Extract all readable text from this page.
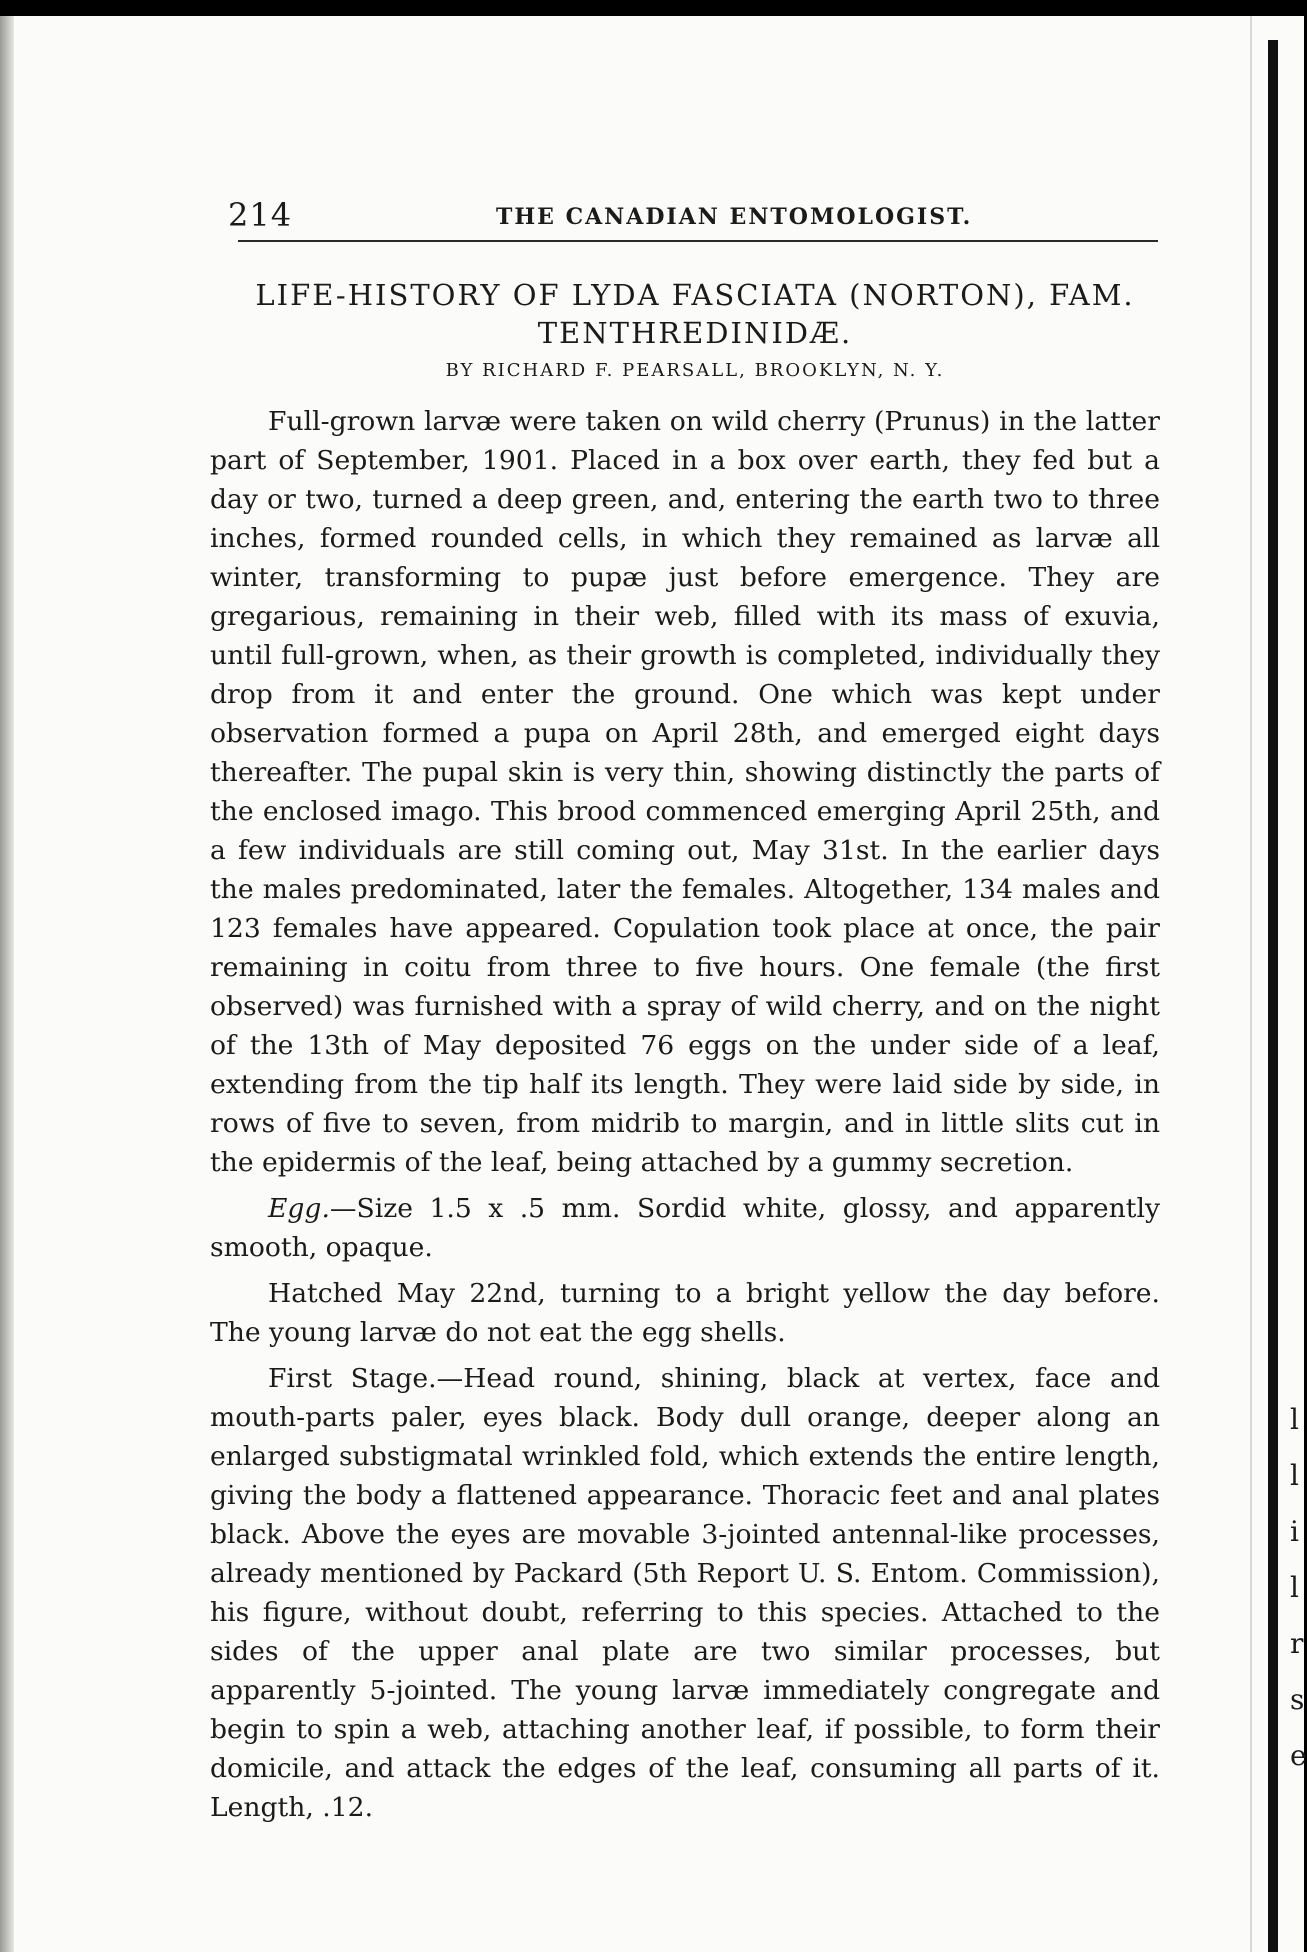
214	THE CANADIAN ENTOMOLOGIST.
LIFE-HISTORY OF LYDA FASCIATA (NORTON), FAM.
TENTHREDINIDÆ.
BY RICHARD F. PEARSALL, BROOKLYN, N. Y.

Full-grown larvæ were taken on wild cherry (Prunus) in the latter part of September, 1901. Placed in a box over earth, they fed but a day or two, turned a deep green, and, entering the earth two to three inches, formed rounded cells, in which they remained as larvæ all winter, transforming to pupæ just before emergence. They are gregarious, remaining in their web, filled with its mass of exuvia, until full-grown, when, as their growth is completed, individually they drop from it and enter the ground. One which was kept under observation formed a pupa on April 28th, and emerged eight days thereafter. The pupal skin is very thin, showing distinctly the parts of the enclosed imago. This brood commenced emerging April 25th, and a few individuals are still coming out, May 31st. In the earlier days the males predominated, later the females. Altogether, 134 males and 123 females have appeared. Copulation took place at once, the pair remaining in coitu from three to five hours. One female (the first observed) was furnished with a spray of wild cherry, and on the night of the 13th of May deposited 76 eggs on the under side of a leaf, extending from the tip half its length. They were laid side by side, in rows of five to seven, from midrib to margin, and in little slits cut in the epidermis of the leaf, being attached by a gummy secretion.

Egg.—Size 1.5 x .5 mm. Sordid white, glossy, and apparently smooth, opaque.

Hatched May 22nd, turning to a bright yellow the day before. The young larvæ do not eat the egg shells.

First Stage.—Head round, shining, black at vertex, face and mouth-parts paler, eyes black. Body dull orange, deeper along an enlarged substigmatal wrinkled fold, which extends the entire length, giving the body a flattened appearance. Thoracic feet and anal plates black. Above the eyes are movable 3-jointed antennal-like processes, already mentioned by Packard (5th Report U. S. Entom. Commission), his figure, without doubt, referring to this species. Attached to the sides of the upper anal plate are two similar processes, but apparently 5-jointed. The young larvæ immediately congregate and begin to spin a web, attaching another leaf, if possible, to form their domicile, and attack the edges of the leaf, consuming all parts of it. Length, .12.

l
l
i
l
r
s
e
